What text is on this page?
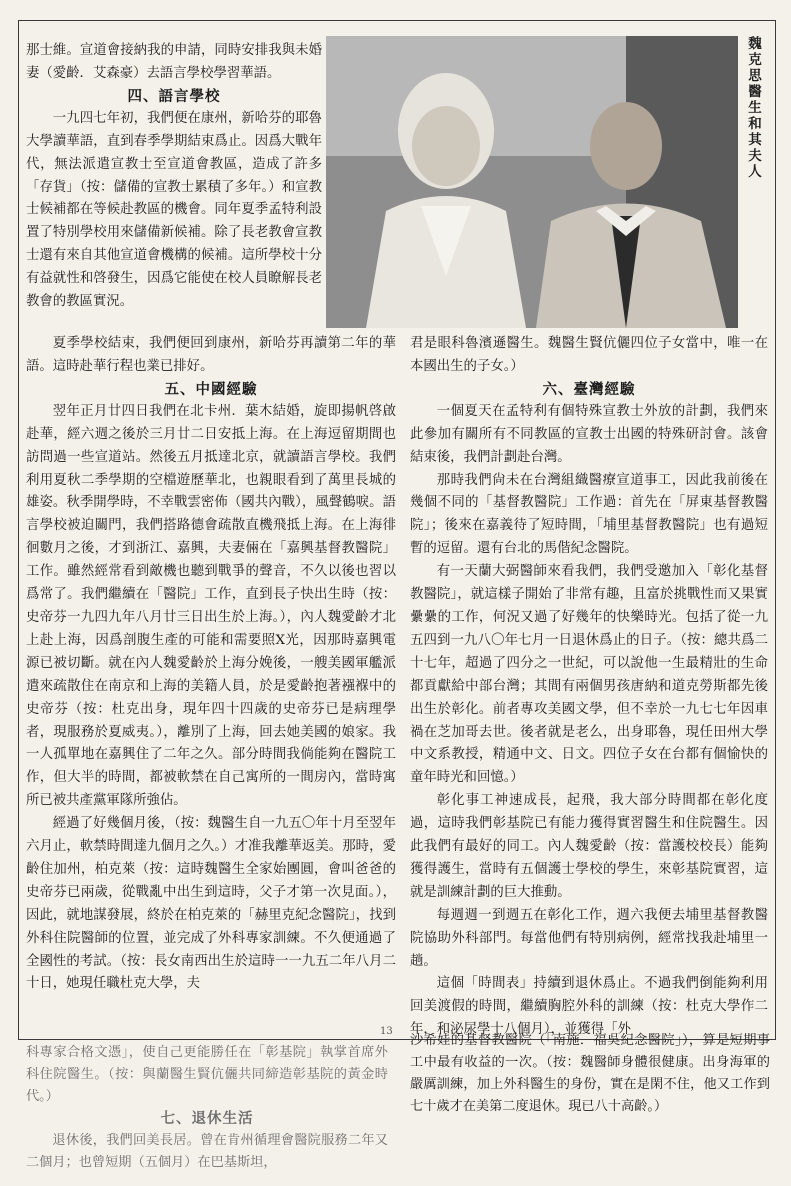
魏克思醫生和其夫人

那士維。宣道會接納我的申請，同時安排我與未婚妻（愛齡．艾森豪）去語言學校學習華語。

四、語言學校

一九四七年初，我們便在康州，新哈芬的耶魯大學讀華語，直到春季學期結束爲止。因爲大戰年代，無法派遣宣教士至宣道會教區，造成了許多「存貨」（按：儲備的宣教士累積了多年。）和宣教士候補都在等候赴教區的機會。同年夏季孟特利設置了特別學校用來儲備新候補。除了長老教會宣教士還有來自其他宣道會機構的候補。這所學校十分有益就性和啓發生，因爲它能使在校人員瞭解長老教會的教區實況。

夏季學校結束，我們便回到康州，新哈芬再讀第二年的華語。這時赴華行程也業已排好。

五、中國經驗

翌年正月廿四日我們在北卡州．葉木結婚，旋即揚帆啓啟赴華，經六週之後於三月廿二日安抵上海。在上海逗留期間也訪問過一些宣道站。然後五月抵達北京，就讀語言學校。我們利用夏秋二季學期的空檔遊歷華北，也親眼看到了萬里長城的雄姿。秋季開學時，不幸戰雲密佈（國共內戰），風聲鶴唳。語言學校被迫關門，我們搭路德會疏散直機飛抵上海。在上海徘徊數月之後，才到浙江、嘉興，夫妻倆在「嘉興基督教醫院」工作。雖然經常看到敵機也聽到戰爭的聲音，不久以後也習以爲常了。我們繼續在「醫院」工作，直到長子快出生時（按：史帝芬一九四九年八月廿三日出生於上海。），內人魏愛齡才北上赴上海，因爲剖腹生產的可能和需要照X光，因那時嘉興電源已被切斷。就在內人魏愛齡於上海分娩後，一艘美國軍艦派遣來疏散住在南京和上海的美籍人員，於是愛齡抱著襁褓中的史帝芬（按：杜克出身，現年四十四歲的史帝芬已是病理學者，現服務於夏威夷。），離別了上海，回去她美國的娘家。我一人孤單地在嘉興住了二年之久。部分時間我倘能夠在醫院工作，但大半的時間，都被軟禁在自己寓所的一間房內，當時寓所已被共產黨軍隊所強佔。

經過了好幾個月後，（按：魏醫生自一九五〇年十月至翌年六月止，軟禁時間達九個月之久。）才准我離華返美。那時，愛齡住加州，柏克萊（按：這時魏醫生全家始團圓，會叫爸爸的史帝芬已兩歲，從戰亂中出生到這時，父子才第一次見面。），因此，就地謀發展，終於在柏克萊的「赫里克紀念醫院」，找到外科住院醫師的位置，並完成了外科專家訓練。不久便通過了全國性的考試。（按：長女南西出生於這時一一九五二年八月二十日，她現任職杜克大學，夫

君是眼科魯濱遜醫生。魏醫生賢伉儷四位子女當中，唯一在本國出生的子女。）

六、臺灣經驗

一個夏天在孟特利有個特殊宣教士外放的計劃，我們來此參加有關所有不同教區的宣教士出國的特殊研討會。該會結束後，我們計劃赴台灣。

那時我們尙未在台灣組織醫療宣道事工，因此我前後在幾個不同的「基督教醫院」工作過：首先在「屏東基督教醫院」；後來在嘉義待了短時間，「埔里基督教醫院」也有過短暫的逗留。還有台北的馬偕紀念醫院。

有一天蘭大弼醫師來看我們，我們受邀加入「彰化基督教醫院」，就這樣子開始了非常有趣，且富於挑戰性而又果實纍纍的工作，何況又過了好幾年的快樂時光。包括了從一九五四到一九八〇年七月一日退休爲止的日子。（按：總共爲二十七年，超過了四分之一世紀，可以說他一生最精壯的生命都貢獻給中部台灣；其間有兩個男孩唐納和道克勞斯都先後出生於彰化。前者專攻美國文學，但不幸於一九七七年因車禍在芝加哥去世。後者就是老么，出身耶魯，現任田州大學中文系教授，精通中文、日文。四位子女在台都有個愉快的童年時光和回憶。）

彰化事工神速成長，起飛，我大部分時間都在彰化度過，這時我們彰基院已有能力獲得實習醫生和住院醫生。因此我們有最好的同工。內人魏愛齡（按：當護校校長）能夠獲得護生，當時有五個護士學校的學生，來彰基院實習，這就是訓練計劃的巨大推動。

每週週一到週五在彰化工作，週六我便去埔里基督教醫院協助外科部門。每當他們有特別病例，經常找我赴埔里一趟。

這個「時間表」持續到退休爲止。不過我們倒能夠利用回美渡假的時間，繼續胸腔外科的訓練（按：杜克大學作二年，和泌尿學十八個月），並獲得「外

13

科專家合格文憑」，使自己更能勝任在「彰基院」執掌首席外科住院醫生。（按：與蘭醫生賢伉儷共同締造彰基院的黃金時代。）

七、退休生活

退休後，我們回美長居。曾在肯州循理會醫院服務二年又二個月；也曾短期（五個月）在巴基斯坦，

沙希娃的基督教醫院（「南施．福吳紀念醫院」），算是短期事工中最有收益的一次。（按：魏醫師身體很健康。出身海軍的嚴厲訓練，加上外科醫生的身份，實在是閑不住，他又工作到七十歲才在美第二度退休。現已八十高齡。）
